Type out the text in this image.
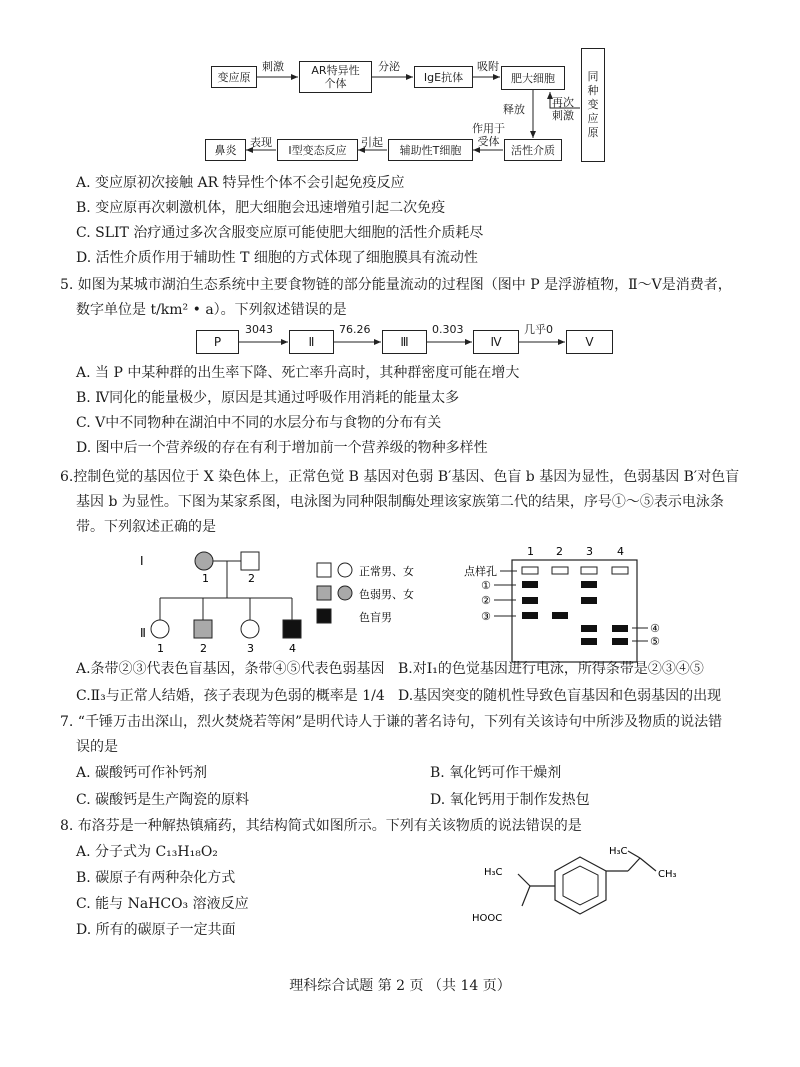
变应原	AR特异性
个体	IgE抗体	肥大细胞	同
种
变
应
原
活性介质
辅助性T细胞
Ⅰ型变态反应
鼻炎
刺激	分泌	吸附
释放
再次
刺激
作用于
受体
引起
表现
A. 变应原初次接触 AR 特异性个体不会引起免疫反应
B. 变应原再次刺激机体，肥大细胞会迅速增殖引起二次免疫
C. SLIT 治疗通过多次含服变应原可能使肥大细胞的活性介质耗尽
D. 活性介质作用于辅助性 T 细胞的方式体现了细胞膜具有流动性
5. 如图为某城市湖泊生态系统中主要食物链的部分能量流动的过程图（图中 P 是浮游植物，Ⅱ～Ⅴ是消费者，
数字单位是 t/km² • a）。下列叙述错误的是
P	Ⅱ	Ⅲ	Ⅳ	Ⅴ
3043	76.26	0.303	几乎0
A. 当 P 中某种群的出生率下降、死亡率升高时，其种群密度可能在增大
B. Ⅳ同化的能量极少，原因是其通过呼吸作用消耗的能量太多
C. Ⅴ中不同物种在湖泊中不同的水层分布与食物的分布有关
D. 图中后一个营养级的存在有利于增加前一个营养级的物种多样性
6.控制色觉的基因位于 X 染色体上，正常色觉 B 基因对色弱 B′基因、色盲 b 基因为显性，色弱基因 B′对色盲
基因 b 为显性。下图为某家系图，电泳图为同种限制酶处理该家族第二代的结果，序号①～⑤表示电泳条
带。下列叙述正确的是
Ⅰ
Ⅱ
1	2
1	2	3	4
正常男、女
色弱男、女
色盲男
1 2 3 4
点样孔
①
②
③
④
⑤
A.条带②③代表色盲基因，条带④⑤代表色弱基因 B.对Ⅰ₁的色觉基因进行电泳，所得条带是②③④⑤
C.Ⅱ₃与正常人结婚，孩子表现为色弱的概率是 1/4 D.基因突变的随机性导致色盲基因和色弱基因的出现
7. “千锤万击出深山，烈火焚烧若等闲”是明代诗人于谦的著名诗句，下列有关该诗句中所涉及物质的说法错
误的是
A. 碳酸钙可作补钙剂	B. 氧化钙可作干燥剂
C. 碳酸钙是生产陶瓷的原料	D. 氧化钙用于制作发热包
8. 布洛芬是一种解热镇痛药，其结构简式如图所示。下列有关该物质的说法错误的是
A. 分子式为 C₁₃H₁₈O₂
B. 碳原子有两种杂化方式
C. 能与 NaHCO₃ 溶液反应
D. 所有的碳原子一定共面
H₃C
HOOC
H₃C
CH₃
理科综合试题 第 2 页 （共 14 页）
